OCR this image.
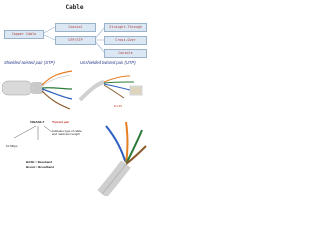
Cable
Copper Cable
Coaxial
UTP/STP
Straight-Through
Cross-Over
Console
Shielded twisted pair (STP)	Unshielded twisted pair (UTP)
RJ-45
10BASE-T Twisted pair
10 Mbps
indicates type of cable and maximum length
BASE = Baseband
Broad = Broadband
